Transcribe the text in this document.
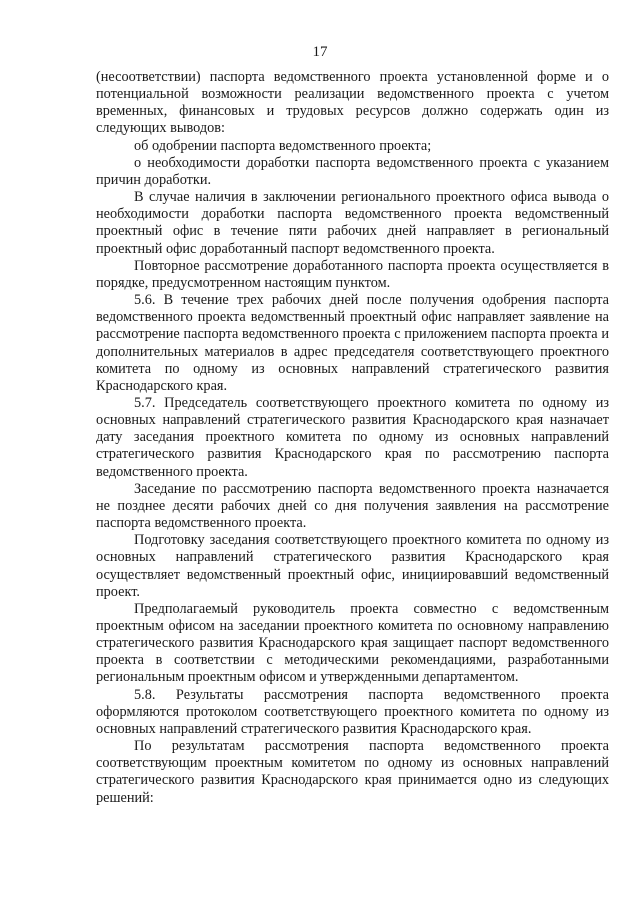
17

(несоответствии) паспорта ведомственного проекта установленной форме и о потенциальной возможности реализации ведомственного проекта с учетом временных, финансовых и трудовых ресурсов должно содержать один из следующих выводов:

об одобрении паспорта ведомственного проекта;

о необходимости доработки паспорта ведомственного проекта с указанием причин доработки.

В случае наличия в заключении регионального проектного офиса вывода о необходимости доработки паспорта ведомственного проекта ведомственный проектный офис в течение пяти рабочих дней направляет в региональный проектный офис доработанный паспорт ведомственного проекта.

Повторное рассмотрение доработанного паспорта проекта осуществляется в порядке, предусмотренном настоящим пунктом.

5.6. В течение трех рабочих дней после получения одобрения паспорта ведомственного проекта ведомственный проектный офис направляет заявление на рассмотрение паспорта ведомственного проекта с приложением паспорта проекта и дополнительных материалов в адрес председателя соответствующего проектного комитета по одному из основных направлений стратегического развития Краснодарского края.

5.7. Председатель соответствующего проектного комитета по одному из основных направлений стратегического развития Краснодарского края назначает дату заседания проектного комитета по одному из основных направлений стратегического развития Краснодарского края по рассмотрению паспорта ведомственного проекта.

Заседание по рассмотрению паспорта ведомственного проекта назначается не позднее десяти рабочих дней со дня получения заявления на рассмотрение паспорта ведомственного проекта.

Подготовку заседания соответствующего проектного комитета по одному из основных направлений стратегического развития Краснодарского края осуществляет ведомственный проектный офис, инициировавший ведомственный проект.

Предполагаемый руководитель проекта совместно с ведомственным проектным офисом на заседании проектного комитета по основному направлению стратегического развития Краснодарского края защищает паспорт ведомственного проекта в соответствии с методическими рекомендациями, разработанными региональным проектным офисом и утвержденными департаментом.

5.8. Результаты рассмотрения паспорта ведомственного проекта оформляются протоколом соответствующего проектного комитета по одному из основных направлений стратегического развития Краснодарского края.

По результатам рассмотрения паспорта ведомственного проекта соответствующим проектным комитетом по одному из основных направлений стратегического развития Краснодарского края принимается одно из следующих решений:
